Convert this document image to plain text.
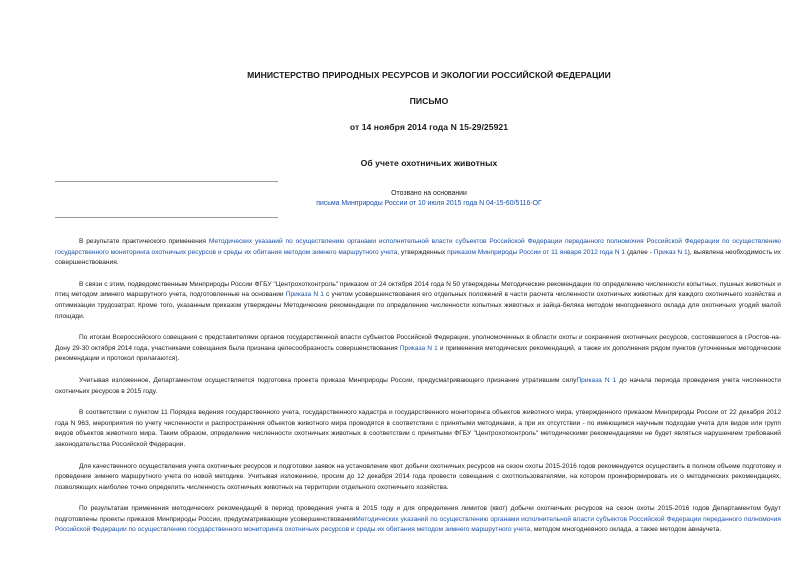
МИНИСТЕРСТВО ПРИРОДНЫХ РЕСУРСОВ И ЭКОЛОГИИ РОССИЙСКОЙ ФЕДЕРАЦИИ
ПИСЬМО
от 14 ноября 2014 года N 15-29/25921
Об учете охотничьих животных
Отозвано на основании
письма Минприроды России от 10 июля 2015 года N 04-15-60/5116-ОГ

В результате практического применения Методических указаний по осуществлению органами исполнительной власти субъектов Российской Федерации переданного полномочия Российской Федерации по осуществлению государственного мониторинга охотничьих ресурсов и среды их обитания методом зимнего маршрутного учета, утвержденных приказом Минприроды России от 11 января 2012 года N 1 (далее - Приказ N 1), выявлена необходимость их совершенствования.

В связи с этим, подведомственным Минприроды России ФГБУ "Центрохотконтроль" приказом от 24 октября 2014 года N 50 утверждены Методические рекомендации по определению численности копытных, пушных животных и птиц методом зимнего маршрутного учета, подготовленные на основании Приказа N 1 с учетом усовершенствования его отдельных положений в части расчета численности охотничьих животных для каждого охотничьего хозяйства и оптимизации трудозатрат. Кроме того, указанным приказом утверждены Методические рекомендации по определению численности копытных животных и зайца-беляка методом многодневного оклада для охотничьих угодий малой площади.

По итогам Всероссийского совещания с представителями органов государственной власти субъектов Российской Федерации, уполномоченных в области охоты и сохранения охотничьих ресурсов, состоявшегося в г.Ростов-на-Дону 29-30 октября 2014 года, участниками совещания была признана целесообразность совершенствования Приказа N 1 и применения методических рекомендаций, а также их дополнения рядом пунктов (уточненные методические рекомендации и протокол прилагаются).

Учитывая изложенное, Департаментом осуществляется подготовка проекта приказа Минприроды России, предусматривающего признание утратившим силуПриказа N 1 до начала периода проведения учета численности охотничьих ресурсов в 2015 году.

В соответствии с пунктом 11 Порядка ведения государственного учета, государственного кадастра и государственного мониторинга объектов животного мира, утвержденного приказом Минприроды России от 22 декабря 2012 года N 963, мероприятия по учету численности и распространения объектов животного мира проводятся в соответствии с принятыми методиками, а при их отсутствии - по имеющимся научным подходам учета для видов или групп видов объектов животного мира. Таким образом, определение численности охотничьих животных в соответствии с принятыми ФГБУ "Центрохотконтроль" методическими рекомендациями не будет являться нарушением требований законодательства Российской Федерации.

Для качественного осуществления учета охотничьих ресурсов и подготовки заявок на установление квот добычи охотничьих ресурсов на сезон охоты 2015-2016 годов рекомендуется осуществить в полном объеме подготовку и проведение зимнего маршрутного учета по новой методике. Учитывая изложенное, просим до 12 декабря 2014 года провести совещания с охотпользователями, на котором проинформировать их о методических рекомендациях, позволяющих наиболее точно определить численность охотничьих животных на территории отдельного охотничьего хозяйства.

По результатам применения методических рекомендаций в период проведения учета в 2015 году и для определения лимитов (квот) добычи охотничьих ресурсов на сезон охоты 2015-2016 годов Департаментом будут подготовлены проекты приказов Минприроды России, предусматривающие усовершенствованияМетодических указаний по осуществлению органами исполнительной власти субъектов Российской Федерации переданного полномочия Российской Федерации по осуществлению государственного мониторинга охотничьих ресурсов и среды их обитания методом зимнего маршрутного учета, методом многодневного оклада, а также методом авиаучета.
